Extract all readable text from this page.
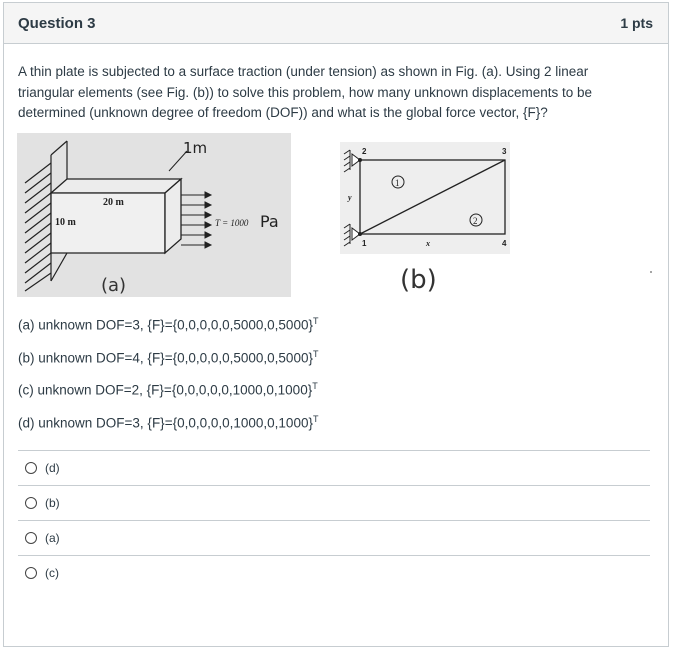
Question 3	1 pts
A thin plate is subjected to a surface traction (under tension) as shown in Fig. (a). Using 2 linear triangular elements (see Fig. (b)) to solve this problem, how many unknown displacements to be determined (unknown degree of freedom (DOF)) and what is the global force vector, {F}?
1m
20 m
10 m	T = 1000 Pa
(a)
1
2
2	3
1	4
y
x
(b)
(a) unknown DOF=3, $\{F\}=\{0,0,0,0,0,5000,0,5000\}^T$
(b) unknown DOF=4, $\{F\}=\{0,0,0,0,0,5000,0,5000\}^T$
(c) unknown DOF=2, $\{F\}=\{0,0,0,0,0,1000,0,1000\}^T$
(d) unknown DOF=3, $\{F\}=\{0,0,0,0,0,1000,0,1000\}^T$
(d)
(b)
(a)
(c)
